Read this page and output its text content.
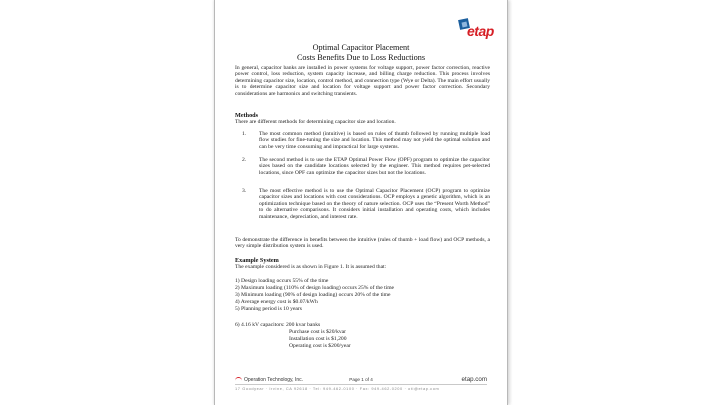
etap
Optimal Capacitor Placement
Costs Benefits Due to Loss Reductions
In general, capacitor banks are installed in power systems for voltage support, power factor correction, reactive power control, loss reduction, system capacity increase, and billing charge reduction. This process involves determining capacitor size, location, control method, and connection type (Wye or Delta). The main effort usually is to determine capacitor size and location for voltage support and power factor correction. Secondary considerations are harmonics and switching transients.
Methods
There are different methods for determining capacitor size and location.
1. The most common method (intuitive) is based on rules of thumb followed by running multiple load flow studies for fine-tuning the size and location. This method may not yield the optimal solution and can be very time consuming and impractical for large systems.
2. The second method is to use the ETAP Optimal Power Flow (OPF) program to optimize the capacitor sizes based on the candidate locations selected by the engineer. This method requires pet-selected locations, since OPF can optimize the capacitor sizes but not the locations.
3. The most effective method is to use the Optimal Capacitor Placement (OCP) program to optimize capacitor sizes and locations with cost considerations. OCP employs a genetic algorithm, which is an optimization technique based on the theory of nature selection. OCP uses the “Present Worth Method” to do alternative comparisons. It considers initial installation and operating costs, which includes maintenance, depreciation, and interest rate.
To demonstrate the difference in benefits between the intuitive (rules of thumb + load flow) and OCP methods, a very simple distribution system is used.
Example System
The example considered is as shown in Figure 1. It is assumed that:
1) Design loading occurs 55% of the time
2) Maximum loading (110% of design loading) occurs 25% of the time
3) Minimum loading (90% of design loading) occurs 20% of the time
4) Average energy cost is $0.07/kWh
5) Planning period is 10 years
6) 4.16 kV capacitors: 200 kvar banks
Purchase cost is $20/kvar
Installation cost is $1,200
Operating cost is $200/year
Page 1 of 4
Operation Technology, Inc.	etap.com
17 Goodyear · Irvine, CA 92618 · Tel: 949-462-0100 · Fax: 949-462-0200 · oti@etap.com
